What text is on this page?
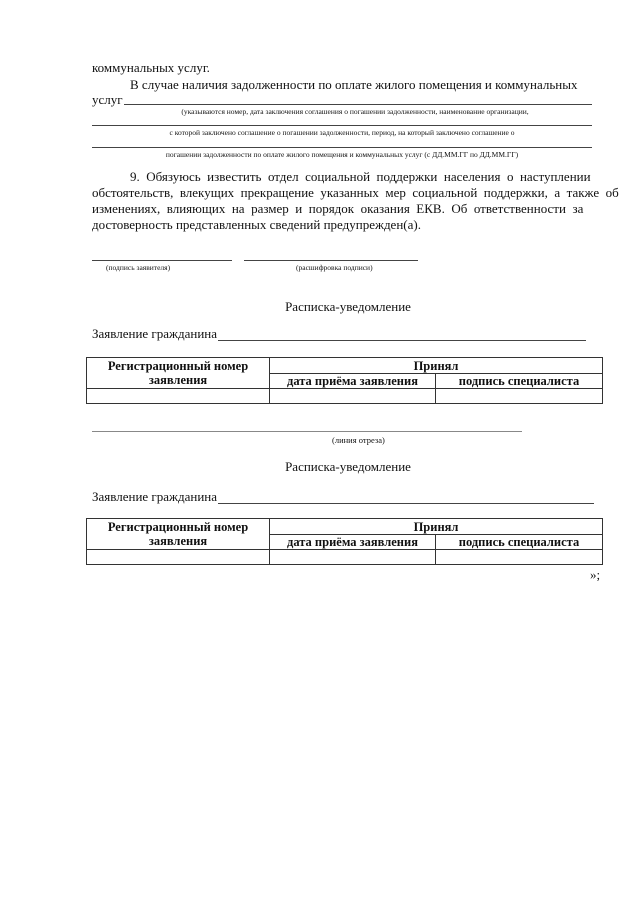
коммунальных услуг.
В случае наличия задолженности по оплате жилого помещения и коммунальных
услуг
(указываются номер, дата заключения соглашения о погашении задолженности, наименование организации,
с которой заключено соглашение о погашении задолженности, период, на который заключено соглашение о
погашении задолженности по оплате жилого помещения и коммунальных услуг (с ДД.ММ.ГГ по ДД.ММ.ГГ)
9.  Обязуюсь  известить  отдел  социальной  поддержки  населения  о  наступлении
обстоятельств,  влекущих  прекращение  указанных  мер  социальной  поддержки,  а  также  об
изменениях,  влияющих  на  размер  и  порядок  оказания  ЕКВ.  Об  ответственности  за
достоверность представленных сведений предупрежден(а).
(подпись заявителя)	(расшифровка подписи)
Расписка-уведомление
Заявление гражданина
Регистрационный номер заявления	Принял	
	дата приёма заявления	подпись специалиста

(линия отреза)
Расписка-уведомление
Заявление гражданина
Регистрационный номер заявления	Принял	
	дата приёма заявления	подпись специалиста

»;
